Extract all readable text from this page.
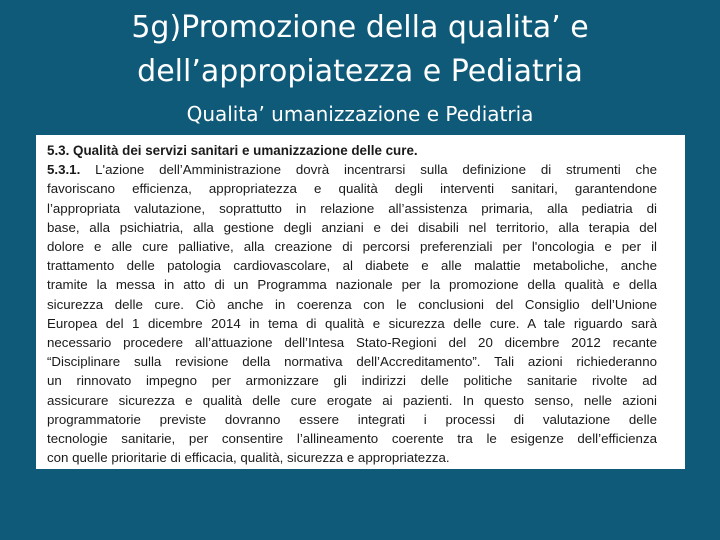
5g)Promozione della qualita’ e
dell’appropiatezza e Pediatria
Qualita’ umanizzazione e Pediatria
5.3. Qualità dei servizi sanitari e umanizzazione delle cure.
5.3.1. L'azione dell’Amministrazione dovrà incentrarsi sulla definizione di strumenti che
favoriscano efficienza, appropriatezza e qualità degli interventi sanitari, garantendone
l’appropriata valutazione, soprattutto in relazione all’assistenza primaria, alla pediatria di
base, alla psichiatria, alla gestione degli anziani e dei disabili nel territorio, alla terapia del
dolore e alle cure palliative, alla creazione di percorsi preferenziali per l'oncologia e per il
trattamento delle patologia cardiovascolare, al diabete e alle malattie metaboliche, anche
tramite la messa in atto di un Programma nazionale per la promozione della qualità e della
sicurezza delle cure. Ciò anche in coerenza con le conclusioni del Consiglio dell’Unione
Europea del 1 dicembre 2014 in tema di qualità e sicurezza delle cure. A tale riguardo sarà
necessario procedere all’attuazione dell’Intesa Stato-Regioni del 20 dicembre 2012 recante
“Disciplinare sulla revisione della normativa dell’Accreditamento”. Tali azioni richiederanno
un rinnovato impegno per armonizzare gli indirizzi delle politiche sanitarie rivolte ad
assicurare sicurezza e qualità delle cure erogate ai pazienti. In questo senso, nelle azioni
programmatorie previste dovranno essere integrati i processi di valutazione delle
tecnologie sanitarie, per consentire l’allineamento coerente tra le esigenze dell’efficienza
con quelle prioritarie di efficacia, qualità, sicurezza e appropriatezza.
